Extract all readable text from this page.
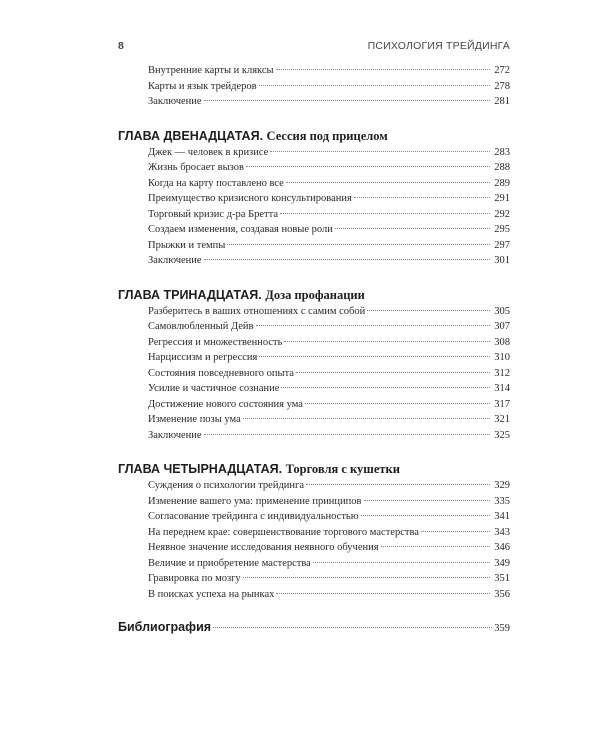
8	ПСИХОЛОГИЯ ТРЕЙДИНГА
Внутренние карты и кляксы	272
Карты и язык трейдеров	278
Заключение	281
ГЛАВА ДВЕНАДЦАТАЯ. Сессия под прицелом
Джек — человек в кризисе	283
Жизнь бросает вызов	288
Когда на карту поставлено все	289
Преимущество кризисного консультирования	291
Торговый кризис д-ра Бретта	292
Создаем изменения, создавая новые роли	295
Прыжки и темпы	297
Заключение	301
ГЛАВА ТРИНАДЦАТАЯ. Доза профанации
Разберитесь в ваших отношениях с самим собой	305
Самовлюбленный Дейв	307
Регрессия и множественность	308
Нарциссизм и регрессия	310
Состояния повседневного опыта	312
Усилие и частичное сознание	314
Достижение нового состояния ума	317
Изменение позы ума	321
Заключение	325
ГЛАВА ЧЕТЫРНАДЦАТАЯ. Торговля с кушетки
Суждения о психологии трейдинга	329
Изменение вашего ума: применение принципов	335
Согласование трейдинга с индивидуальностью	341
На переднем крае: совершенствование торгового мастерства	343
Неявное значение исследования неявного обучения	346
Величие и приобретение мастерства	349
Гравировка по мозгу	351
В поисках успеха на рынках	356
Библиография	359
